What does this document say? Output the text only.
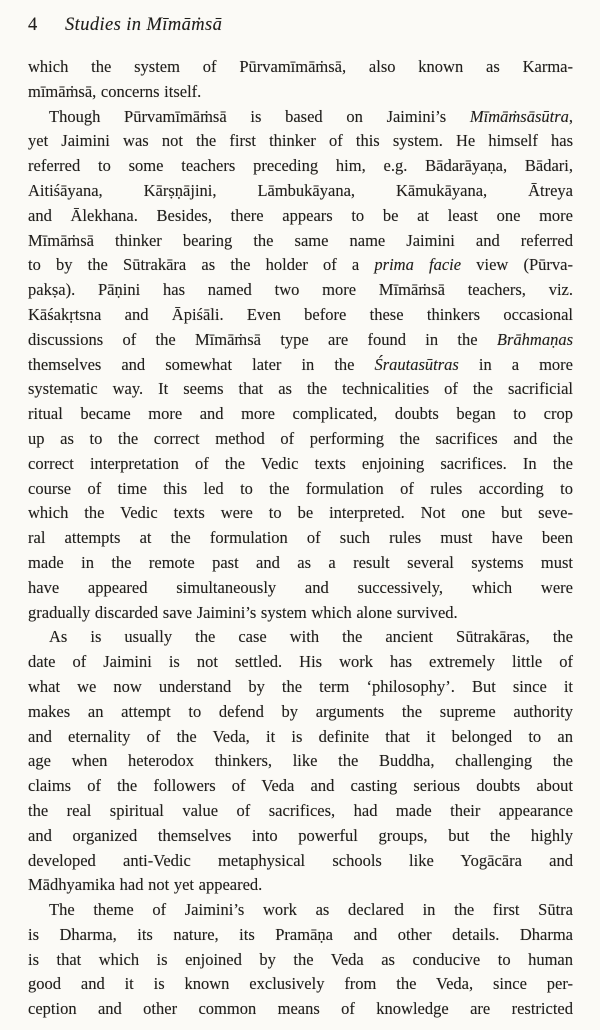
4	Studies in Mīmāṁsā
which the system of Pūrvamīmāṁsā, also known as Karma-
mīmāṁsā, concerns itself.
Though Pūrvamīmāṁsā is based on Jaimini’s Mīmāṁsāsūtra,
yet Jaimini was not the first thinker of this system. He himself has
referred to some teachers preceding him, e.g. Bādarāyaṇa, Bādari,
Aitiśāyana, Kārṣṇājini, Lāmbukāyana, Kāmukāyana, Ātreya
and Ālekhana. Besides, there appears to be at least one more
Mīmāṁsā thinker bearing the same name Jaimini and referred
to by the Sūtrakāra as the holder of a prima facie view (Pūrva-
pakṣa). Pāṇini has named two more Mīmāṁsā teachers, viz.
Kāśakṛtsna and Āpiśāli. Even before these thinkers occasional
discussions of the Mīmāṁsā type are found in the Brāhmaṇas
themselves and somewhat later in the Śrautasūtras in a more
systematic way. It seems that as the technicalities of the sacrificial
ritual became more and more complicated, doubts began to crop
up as to the correct method of performing the sacrifices and the
correct interpretation of the Vedic texts enjoining sacrifices. In the
course of time this led to the formulation of rules according to
which the Vedic texts were to be interpreted. Not one but seve-
ral attempts at the formulation of such rules must have been
made in the remote past and as a result several systems must
have appeared simultaneously and successively, which were
gradually discarded save Jaimini’s system which alone survived.
As is usually the case with the ancient Sūtrakāras, the
date of Jaimini is not settled. His work has extremely little of
what we now understand by the term ‘philosophy’. But since it
makes an attempt to defend by arguments the supreme authority
and eternality of the Veda, it is definite that it belonged to an
age when heterodox thinkers, like the Buddha, challenging the
claims of the followers of Veda and casting serious doubts about
the real spiritual value of sacrifices, had made their appearance
and organized themselves into powerful groups, but the highly
developed anti-Vedic metaphysical schools like Yogācāra and
Mādhyamika had not yet appeared.
The theme of Jaimini’s work as declared in the first Sūtra
is Dharma, its nature, its Pramāṇa and other details. Dharma
is that which is enjoined by the Veda as conducive to human
good and it is known exclusively from the Veda, since per-
ception and other common means of knowledge are restricted
